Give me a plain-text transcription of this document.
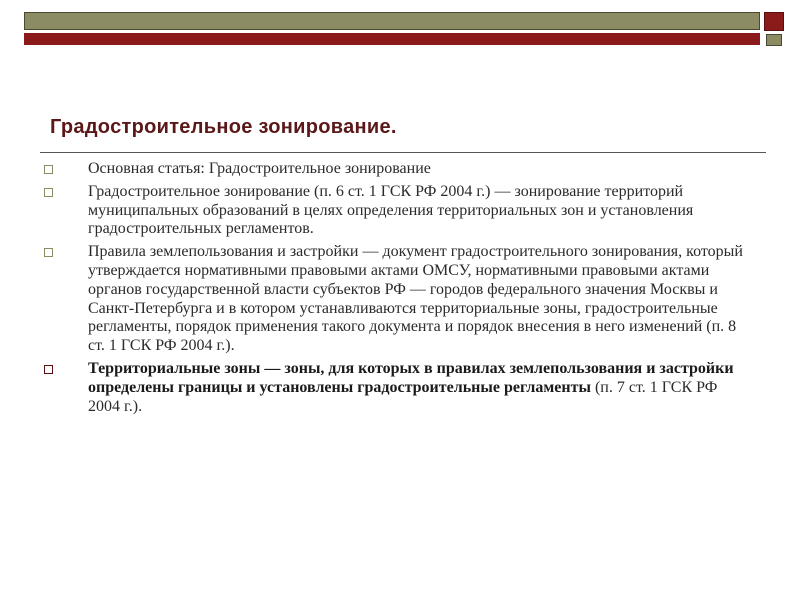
Градостроительное зонирование.
Основная статья: Градостроительное зонирование
Градостроительное зонирование (п. 6 ст. 1 ГСК РФ 2004 г.) — зонирование территорий муниципальных образований в целях определения территориальных зон и установления градостроительных регламентов.
Правила землепользования и застройки — документ градостроительного зонирования, который утверждается нормативными правовыми актами ОМСУ, нормативными правовыми актами органов государственной власти субъектов РФ — городов федерального значения Москвы и Санкт-Петербурга и в котором устанавливаются территориальные зоны, градостроительные регламенты, порядок применения такого документа и порядок внесения в него изменений (п. 8 ст. 1 ГСК РФ 2004 г.).
Территориальные зоны — зоны, для которых в правилах землепользования и застройки определены границы и установлены градостроительные регламенты (п. 7 ст. 1 ГСК РФ 2004 г.).
